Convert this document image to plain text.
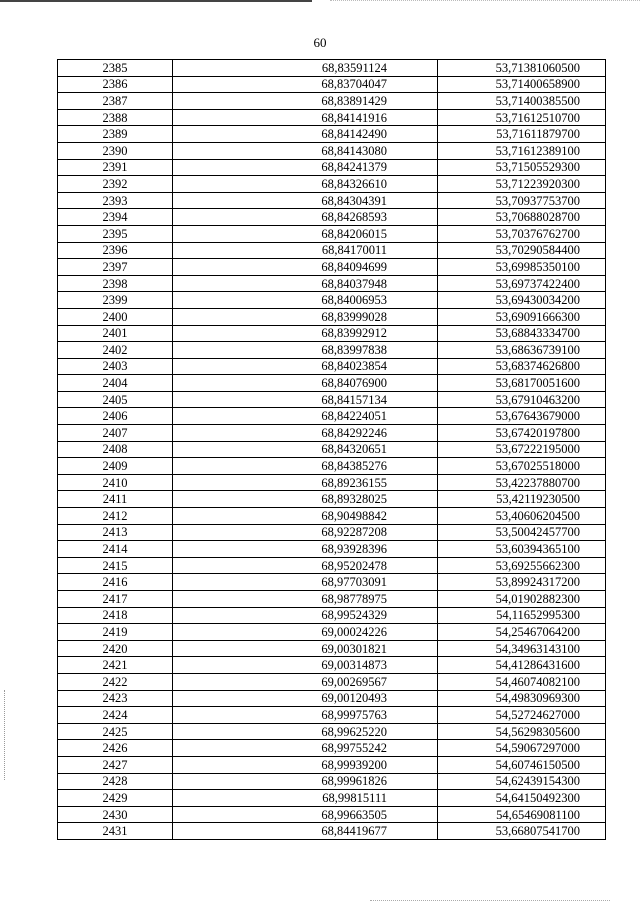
60
2385	68,83591124	53,71381060500
2386	68,83704047	53,71400658900
2387	68,83891429	53,71400385500
2388	68,84141916	53,71612510700
2389	68,84142490	53,71611879700
2390	68,84143080	53,71612389100
2391	68,84241379	53,71505529300
2392	68,84326610	53,71223920300
2393	68,84304391	53,70937753700
2394	68,84268593	53,70688028700
2395	68,84206015	53,70376762700
2396	68,84170011	53,70290584400
2397	68,84094699	53,69985350100
2398	68,84037948	53,69737422400
2399	68,84006953	53,69430034200
2400	68,83999028	53,69091666300
2401	68,83992912	53,68843334700
2402	68,83997838	53,68636739100
2403	68,84023854	53,68374626800
2404	68,84076900	53,68170051600
2405	68,84157134	53,67910463200
2406	68,84224051	53,67643679000
2407	68,84292246	53,67420197800
2408	68,84320651	53,67222195000
2409	68,84385276	53,67025518000
2410	68,89236155	53,42237880700
2411	68,89328025	53,42119230500
2412	68,90498842	53,40606204500
2413	68,92287208	53,50042457700
2414	68,93928396	53,60394365100
2415	68,95202478	53,69255662300
2416	68,97703091	53,89924317200
2417	68,98778975	54,01902882300
2418	68,99524329	54,11652995300
2419	69,00024226	54,25467064200
2420	69,00301821	54,34963143100
2421	69,00314873	54,41286431600
2422	69,00269567	54,46074082100
2423	69,00120493	54,49830969300
2424	68,99975763	54,52724627000
2425	68,99625220	54,56298305600
2426	68,99755242	54,59067297000
2427	68,99939200	54,60746150500
2428	68,99961826	54,62439154300
2429	68,99815111	54,64150492300
2430	68,99663505	54,65469081100
2431	68,84419677	53,66807541700
